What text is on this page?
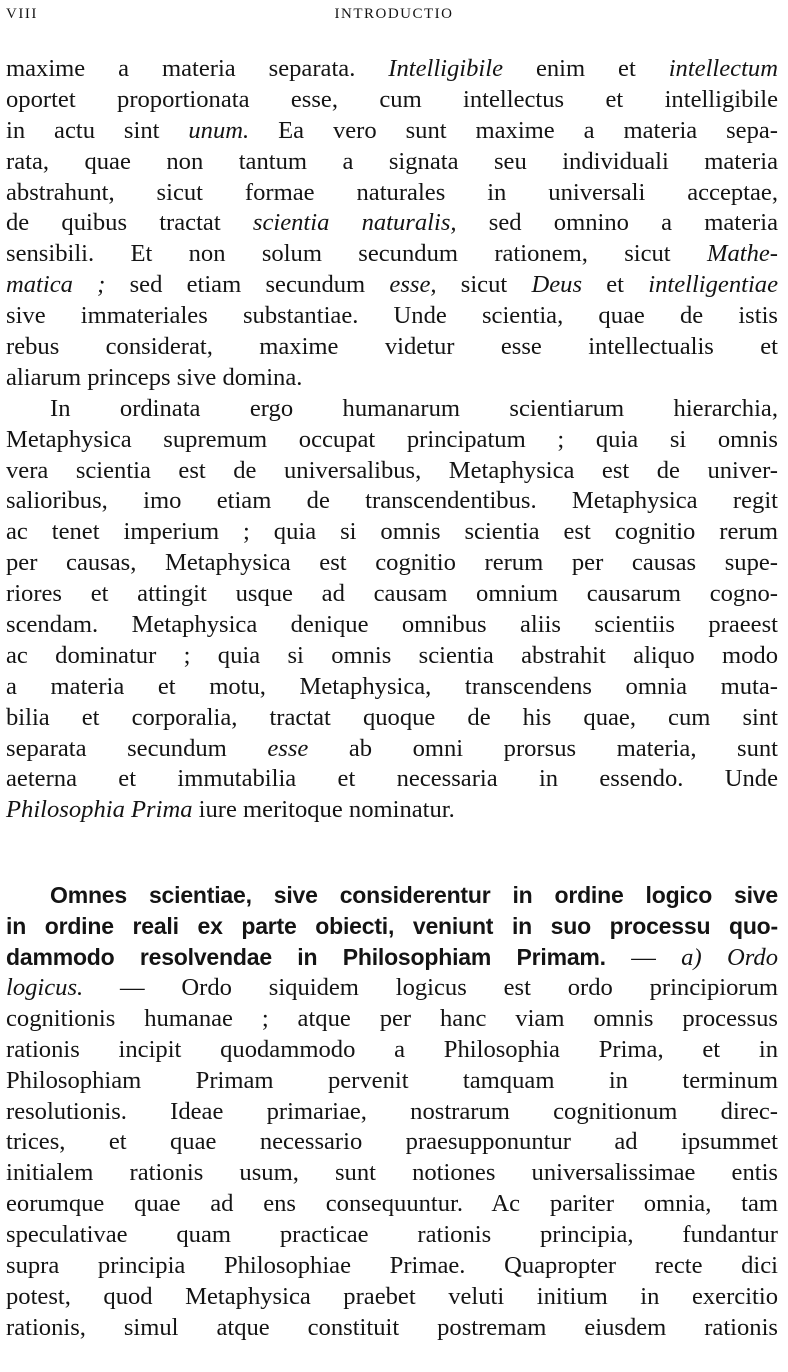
VIII	INTRODUCTIO
maxime a materia separata. Intelligibile enim et intellectum
oportet proportionata esse, cum intellectus et intelligibile
in actu sint unum. Ea vero sunt maxime a materia sepa-
rata, quae non tantum a signata seu individuali materia
abstrahunt, sicut formae naturales in universali acceptae,
de quibus tractat scientia naturalis, sed omnino a materia
sensibili. Et non solum secundum rationem, sicut Mathe-
matica ; sed etiam secundum esse, sicut Deus et intelligentiae
sive immateriales substantiae. Unde scientia, quae de istis
rebus considerat, maxime videtur esse intellectualis et
aliarum princeps sive domina.
In ordinata ergo humanarum scientiarum hierarchia,
Metaphysica supremum occupat principatum ; quia si omnis
vera scientia est de universalibus, Metaphysica est de univer-
salioribus, imo etiam de transcendentibus. Metaphysica regit
ac tenet imperium ; quia si omnis scientia est cognitio rerum
per causas, Metaphysica est cognitio rerum per causas supe-
riores et attingit usque ad causam omnium causarum cogno-
scendam. Metaphysica denique omnibus aliis scientiis praeest
ac dominatur ; quia si omnis scientia abstrahit aliquo modo
a materia et motu, Metaphysica, transcendens omnia muta-
bilia et corporalia, tractat quoque de his quae, cum sint
separata secundum esse ab omni prorsus materia, sunt
aeterna et immutabilia et necessaria in essendo. Unde
Philosophia Prima iure meritoque nominatur.
Omnes scientiae, sive considerentur in ordine logico sive
in ordine reali ex parte obiecti, veniunt in suo processu quo-
dammodo resolvendae in Philosophiam Primam. — a) Ordo
logicus. — Ordo siquidem logicus est ordo principiorum
cognitionis humanae ; atque per hanc viam omnis processus
rationis incipit quodammodo a Philosophia Prima, et in
Philosophiam Primam pervenit tamquam in terminum
resolutionis. Ideae primariae, nostrarum cognitionum direc-
trices, et quae necessario praesupponuntur ad ipsummet
initialem rationis usum, sunt notiones universalissimae entis
eorumque quae ad ens consequuntur. Ac pariter omnia, tam
speculativae quam practicae rationis principia, fundantur
supra principia Philosophiae Primae. Quapropter recte dici
potest, quod Metaphysica praebet veluti initium in exercitio
rationis, simul atque constituit postremam eiusdem rationis
